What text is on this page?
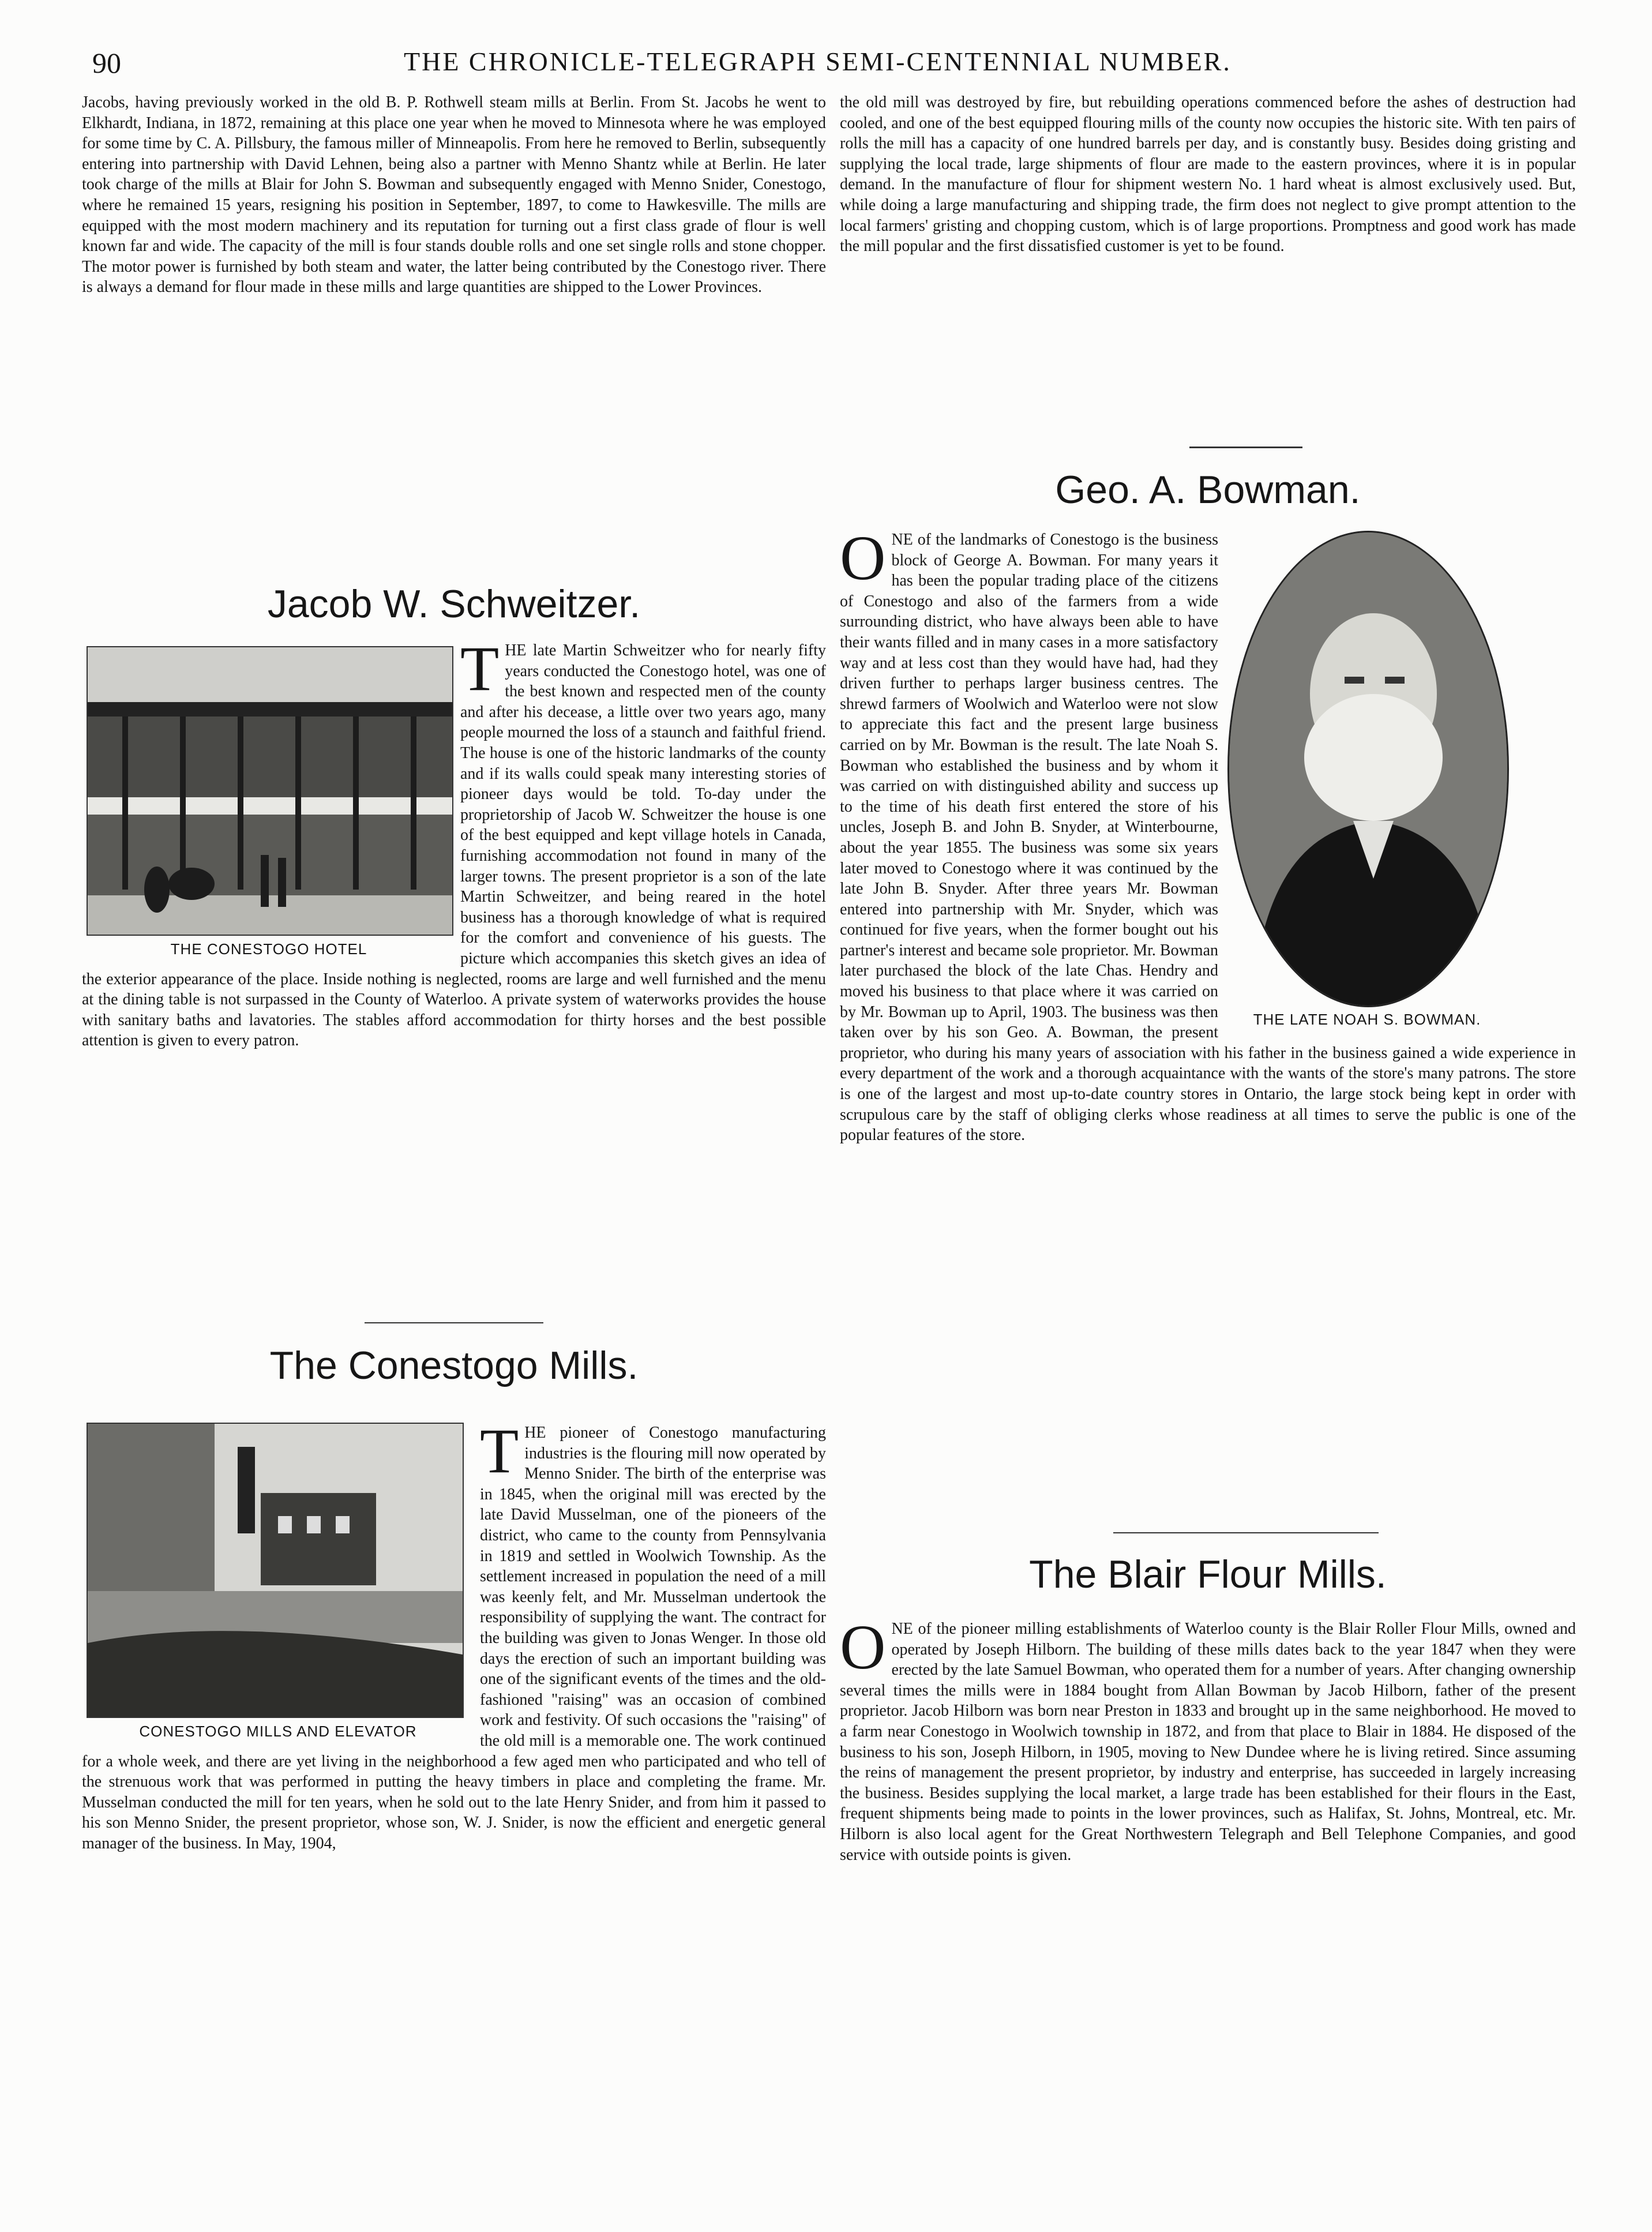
90	THE CHRONICLE-TELEGRAPH SEMI-CENTENNIAL NUMBER.

Jacobs, having previously worked in the old B. P. Rothwell steam mills at Berlin. From St. Jacobs he went to Elkhardt, Indiana, in 1872, remaining at this place one year when he moved to Minnesota where he was employed for some time by C. A. Pillsbury, the famous miller of Minneapolis. From here he removed to Berlin, subsequently entering into partnership with David Lehnen, being also a partner with Menno Shantz while at Berlin. He later took charge of the mills at Blair for John S. Bowman and subsequently engaged with Menno Snider, Conestogo, where he remained 15 years, resigning his position in September, 1897, to come to Hawkesville. The mills are equipped with the most modern machinery and its reputation for turning out a first class grade of flour is well known far and wide. The capacity of the mill is four stands double rolls and one set single rolls and stone chopper. The motor power is furnished by both steam and water, the latter being contributed by the Conestogo river. There is always a demand for flour made in these mills and large quantities are shipped to the Lower Provinces.

Jacob W. Schweitzer.
THE CONESTOGO HOTEL
T HE late Martin Schweitzer who for nearly fifty years conducted the Conestogo hotel, was one of the best known and respected men of the county and after his decease, a little over two years ago, many people mourned the loss of a staunch and faithful friend. The house is one of the historic landmarks of the county and if its walls could speak many interesting stories of pioneer days would be told. To-day under the proprietorship of Jacob W. Schweitzer the house is one of the best equipped and kept village hotels in Canada, furnishing accommodation not found in many of the larger towns. The present proprietor is a son of the late Martin Schweitzer, and being reared in the hotel business has a thorough knowledge of what is required for the comfort and convenience of his guests. The picture which accompanies this sketch gives an idea of the exterior appearance of the place. Inside nothing is neglected, rooms are large and well furnished and the menu at the dining table is not surpassed in the County of Waterloo. A private system of waterworks provides the house with sanitary baths and lavatories. The stables afford accommodation for thirty horses and the best possible attention is given to every patron.
The Conestogo Mills.
CONESTOGO MILLS AND ELEVATOR
T HE pioneer of Conestogo manufacturing industries is the flouring mill now operated by Menno Snider. The birth of the enterprise was in 1845, when the original mill was erected by the late David Musselman, one of the pioneers of the district, who came to the county from Pennsylvania in 1819 and settled in Woolwich Township. As the settlement increased in population the need of a mill was keenly felt, and Mr. Musselman undertook the responsibility of supplying the want. The contract for the building was given to Jonas Wenger. In those old days the erection of such an important building was one of the significant events of the times and the old-fashioned "raising" was an occasion of combined work and festivity. Of such occasions the "raising" of the old mill is a memorable one. The work continued for a whole week, and there are yet living in the neighborhood a few aged men who participated and who tell of the strenuous work that was performed in putting the heavy timbers in place and completing the frame. Mr. Musselman conducted the mill for ten years, when he sold out to the late Henry Snider, and from him it passed to his son Menno Snider, the present proprietor, whose son, W. J. Snider, is now the efficient and energetic general manager of the business. In May, 1904,

the old mill was destroyed by fire, but rebuilding operations commenced before the ashes of destruction had cooled, and one of the best equipped flouring mills of the county now occupies the historic site. With ten pairs of rolls the mill has a capacity of one hundred barrels per day, and is constantly busy. Besides doing gristing and supplying the local trade, large shipments of flour are made to the eastern provinces, where it is in popular demand. In the manufacture of flour for shipment western No. 1 hard wheat is almost exclusively used. But, while doing a large manufacturing and shipping trade, the firm does not neglect to give prompt attention to the local farmers' gristing and chopping custom, which is of large proportions. Promptness and good work has made the mill popular and the first dissatisfied customer is yet to be found.

Geo. A. Bowman.
THE LATE NOAH S. BOWMAN.
O NE of the landmarks of Conestogo is the business block of George A. Bowman. For many years it has been the popular trading place of the citizens of Conestogo and also of the farmers from a wide surrounding district, who have always been able to have their wants filled and in many cases in a more satisfactory way and at less cost than they would have had, had they driven further to perhaps larger business centres. The shrewd farmers of Woolwich and Waterloo were not slow to appreciate this fact and the present large business carried on by Mr. Bowman is the result. The late Noah S. Bowman who established the business and by whom it was carried on with distinguished ability and success up to the time of his death first entered the store of his uncles, Joseph B. and John B. Snyder, at Winterbourne, about the year 1855. The business was some six years later moved to Conestogo where it was continued by the late John B. Snyder. After three years Mr. Bowman entered into partnership with Mr. Snyder, which was continued for five years, when the former bought out his partner's interest and became sole proprietor. Mr. Bowman later purchased the block of the late Chas. Hendry and moved his business to that place where it was carried on by Mr. Bowman up to April, 1903. The business was then taken over by his son Geo. A. Bowman, the present proprietor, who during his many years of association with his father in the business gained a wide experience in every department of the work and a thorough acquaintance with the wants of the store's many patrons. The store is one of the largest and most up-to-date country stores in Ontario, the large stock being kept in order with scrupulous care by the staff of obliging clerks whose readiness at all times to serve the public is one of the popular features of the store.
The Blair Flour Mills.
O NE of the pioneer milling establishments of Waterloo county is the Blair Roller Flour Mills, owned and operated by Joseph Hilborn. The building of these mills dates back to the year 1847 when they were erected by the late Samuel Bowman, who operated them for a number of years. After changing ownership several times the mills were in 1884 bought from Allan Bowman by Jacob Hilborn, father of the present proprietor. Jacob Hilborn was born near Preston in 1833 and brought up in the same neighborhood. He moved to a farm near Conestogo in Woolwich township in 1872, and from that place to Blair in 1884. He disposed of the business to his son, Joseph Hilborn, in 1905, moving to New Dundee where he is living retired. Since assuming the reins of management the present proprietor, by industry and enterprise, has succeeded in largely increasing the business. Besides supplying the local market, a large trade has been established for their flours in the East, frequent shipments being made to points in the lower provinces, such as Halifax, St. Johns, Montreal, etc. Mr. Hilborn is also local agent for the Great Northwestern Telegraph and Bell Telephone Companies, and good service with outside points is given.
